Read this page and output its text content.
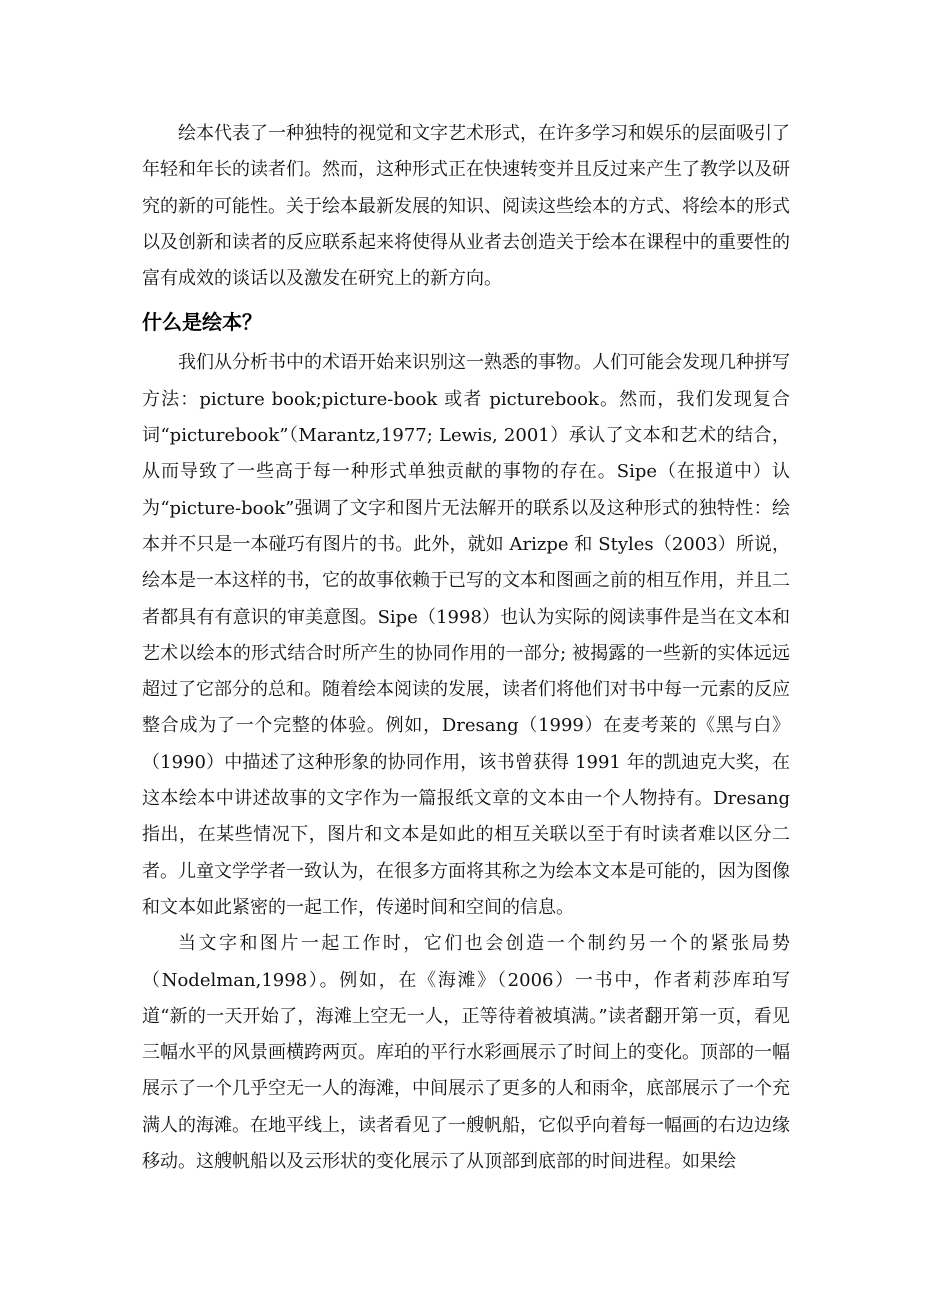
绘本代表了一种独特的视觉和文字艺术形式，在许多学习和娱乐的层面吸引了年轻和年长的读者们。然而，这种形式正在快速转变并且反过来产生了教学以及研究的新的可能性。关于绘本最新发展的知识、阅读这些绘本的方式、将绘本的形式以及创新和读者的反应联系起来将使得从业者去创造关于绘本在课程中的重要性的富有成效的谈话以及激发在研究上的新方向。

什么是绘本？

我们从分析书中的术语开始来识别这一熟悉的事物。人们可能会发现几种拼写方法：picture book;picture-book 或者 picturebook。然而，我们发现复合词“picturebook”（Marantz,1977; Lewis, 2001）承认了文本和艺术的结合，从而导致了一些高于每一种形式单独贡献的事物的存在。Sipe（在报道中）认为“picture-book”强调了文字和图片无法解开的联系以及这种形式的独特性：绘本并不只是一本碰巧有图片的书。此外，就如 Arizpe 和 Styles（2003）所说，绘本是一本这样的书，它的故事依赖于已写的文本和图画之前的相互作用，并且二者都具有有意识的审美意图。Sipe（1998）也认为实际的阅读事件是当在文本和艺术以绘本的形式结合时所产生的协同作用的一部分; 被揭露的一些新的实体远远超过了它部分的总和。随着绘本阅读的发展，读者们将他们对书中每一元素的反应整合成为了一个完整的体验。例如，Dresang（1999）在麦考莱的《黑与白》（1990）中描述了这种形象的协同作用，该书曾获得 1991 年的凯迪克大奖，在这本绘本中讲述故事的文字作为一篇报纸文章的文本由一个人物持有。Dresang 指出，在某些情况下，图片和文本是如此的相互关联以至于有时读者难以区分二者。儿童文学学者一致认为，在很多方面将其称之为绘本文本是可能的，因为图像和文本如此紧密的一起工作，传递时间和空间的信息。

当文字和图片一起工作时，它们也会创造一个制约另一个的紧张局势（Nodelman,1998）。例如，在《海滩》（2006）一书中，作者莉莎库珀写道“新的一天开始了，海滩上空无一人，正等待着被填满。”读者翻开第一页，看见三幅水平的风景画横跨两页。库珀的平行水彩画展示了时间上的变化。顶部的一幅展示了一个几乎空无一人的海滩，中间展示了更多的人和雨伞，底部展示了一个充满人的海滩。在地平线上，读者看见了一艘帆船，它似乎向着每一幅画的右边边缘移动。这艘帆船以及云形状的变化展示了从顶部到底部的时间进程。如果绘
